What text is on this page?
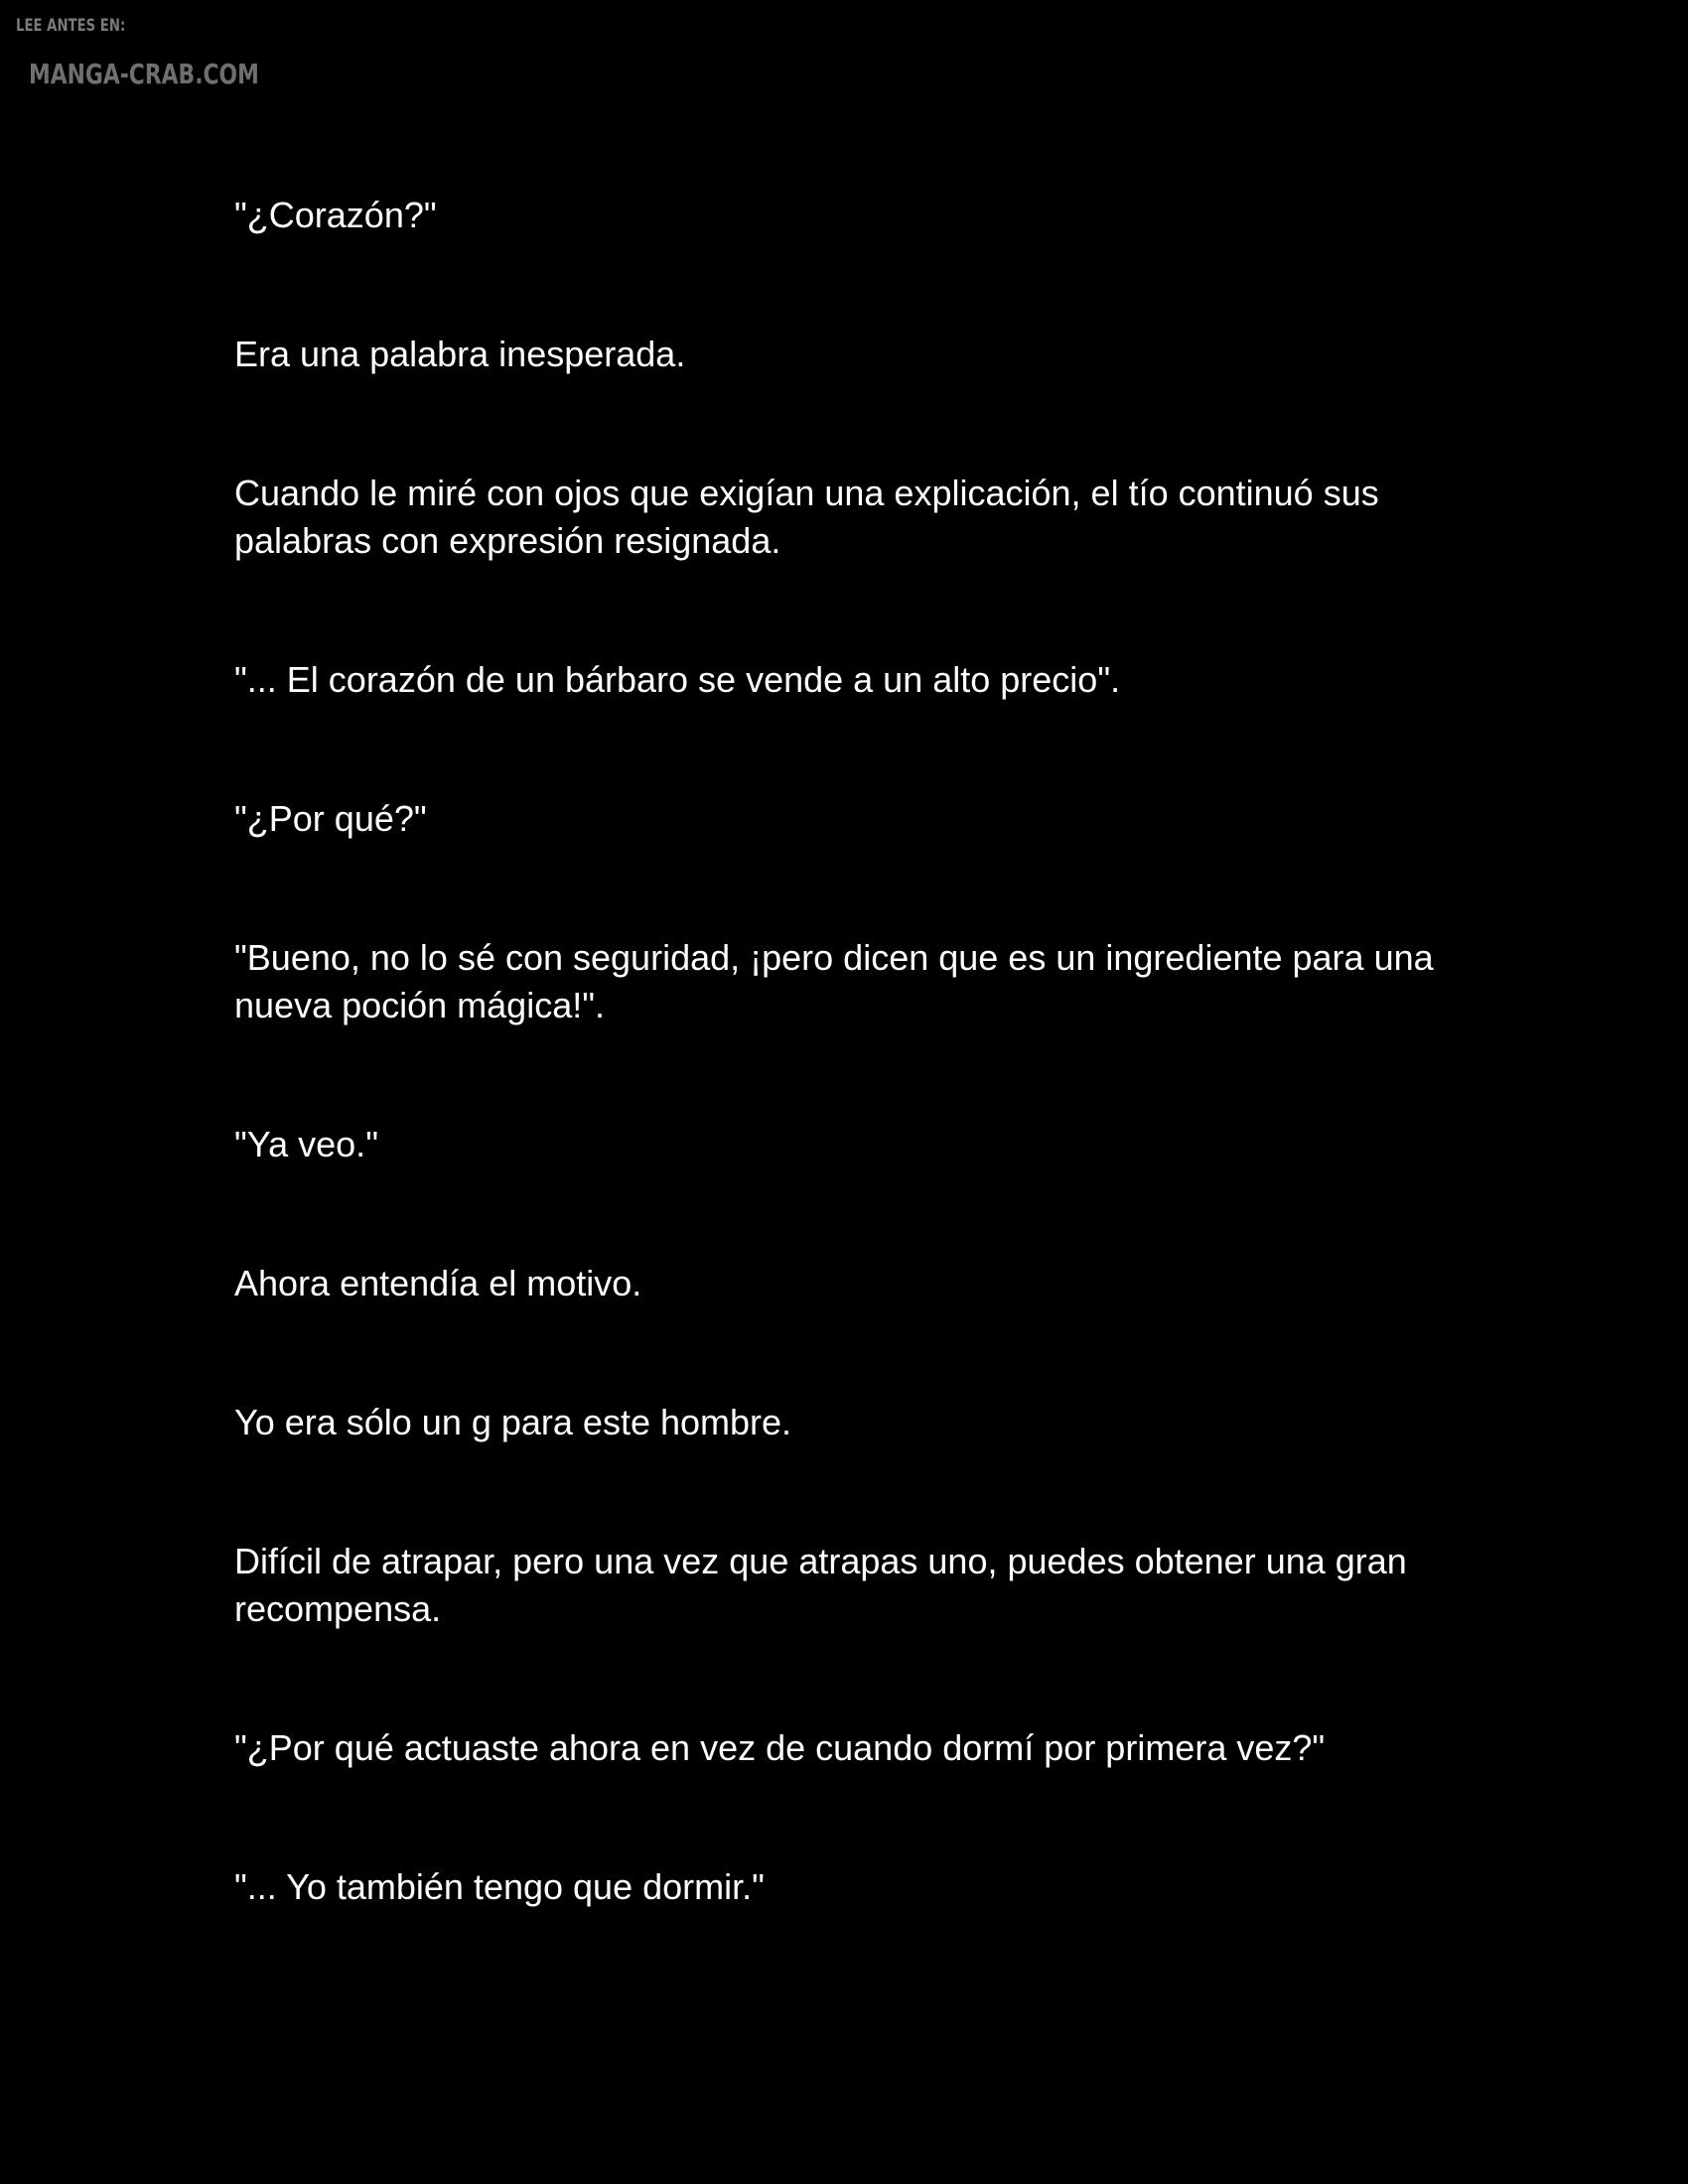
LEE ANTES EN:
MANGA-CRAB.COM

"¿Corazón?"

Era una palabra inesperada.

Cuando le miré con ojos que exigían una explicación, el tío continuó sus palabras con expresión resignada.

"... El corazón de un bárbaro se vende a un alto precio".

"¿Por qué?"

"Bueno, no lo sé con seguridad, ¡pero dicen que es un ingrediente para una nueva poción mágica!".

"Ya veo."

Ahora entendía el motivo.

Yo era sólo un g para este hombre.

Difícil de atrapar, pero una vez que atrapas uno, puedes obtener una gran recompensa.

"¿Por qué actuaste ahora en vez de cuando dormí por primera vez?"

"... Yo también tengo que dormir."
